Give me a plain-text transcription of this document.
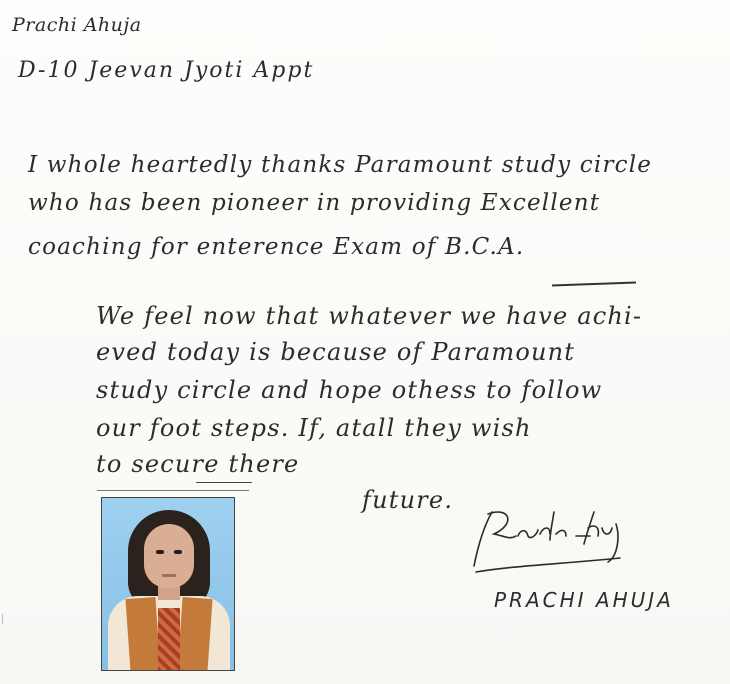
Prachi Ahuja
D-10 Jeevan Jyoti Appt
I whole heartedly thanks Paramount study circle
who has been pioneer in providing Excellent
coaching for enterence Exam of B.C.A.
We feel now that whatever we have achi-
eved today is because of Paramount
study circle and hope othess to follow
our foot steps. If, atall they wish
to secure there
future.
PRACHI AHUJA
